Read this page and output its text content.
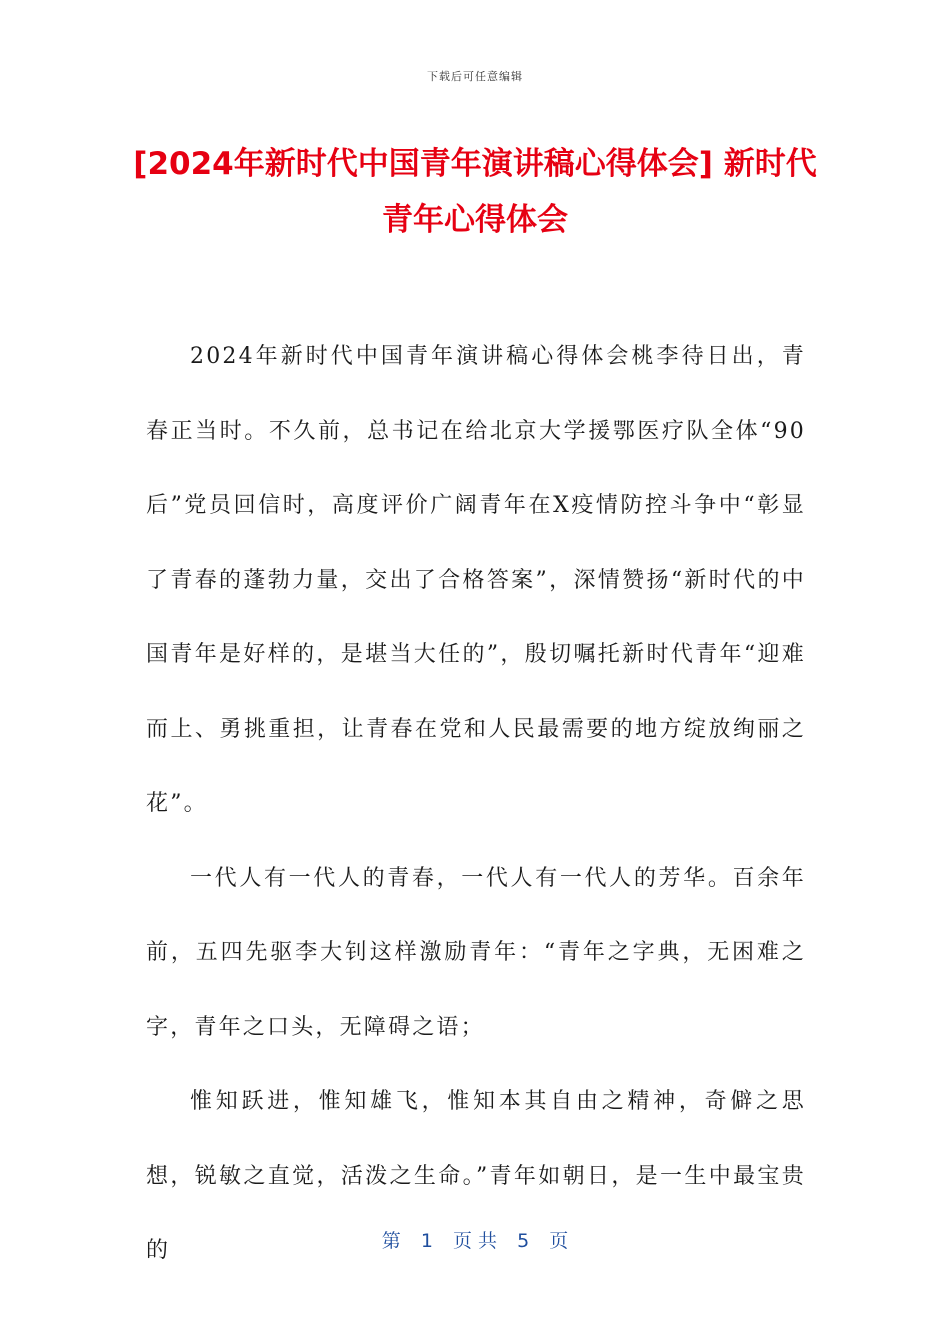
下载后可任意编辑
[2024年新时代中国青年演讲稿心得体会] 新时代青年心得体会

2024年新时代中国青年演讲稿心得体会桃李待日出，青春正当时。不久前，总书记在给北京大学援鄂医疗队全体“90后”党员回信时，高度评价广阔青年在X疫情防控斗争中“彰显了青春的蓬勃力量，交出了合格答案”，深情赞扬“新时代的中国青年是好样的，是堪当大任的”，殷切嘱托新时代青年“迎难而上、勇挑重担，让青春在党和人民最需要的地方绽放绚丽之花”。

一代人有一代人的青春，一代人有一代人的芳华。百余年前，五四先驱李大钊这样激励青年：“青年之字典，无困难之字，青年之口头，无障碍之语；

惟知跃进，惟知雄飞，惟知本其自由之精神，奇僻之思想，锐敏之直觉，活泼之生命。”青年如朝日，是一生中最宝贵的	第 1 页 共 5 页
